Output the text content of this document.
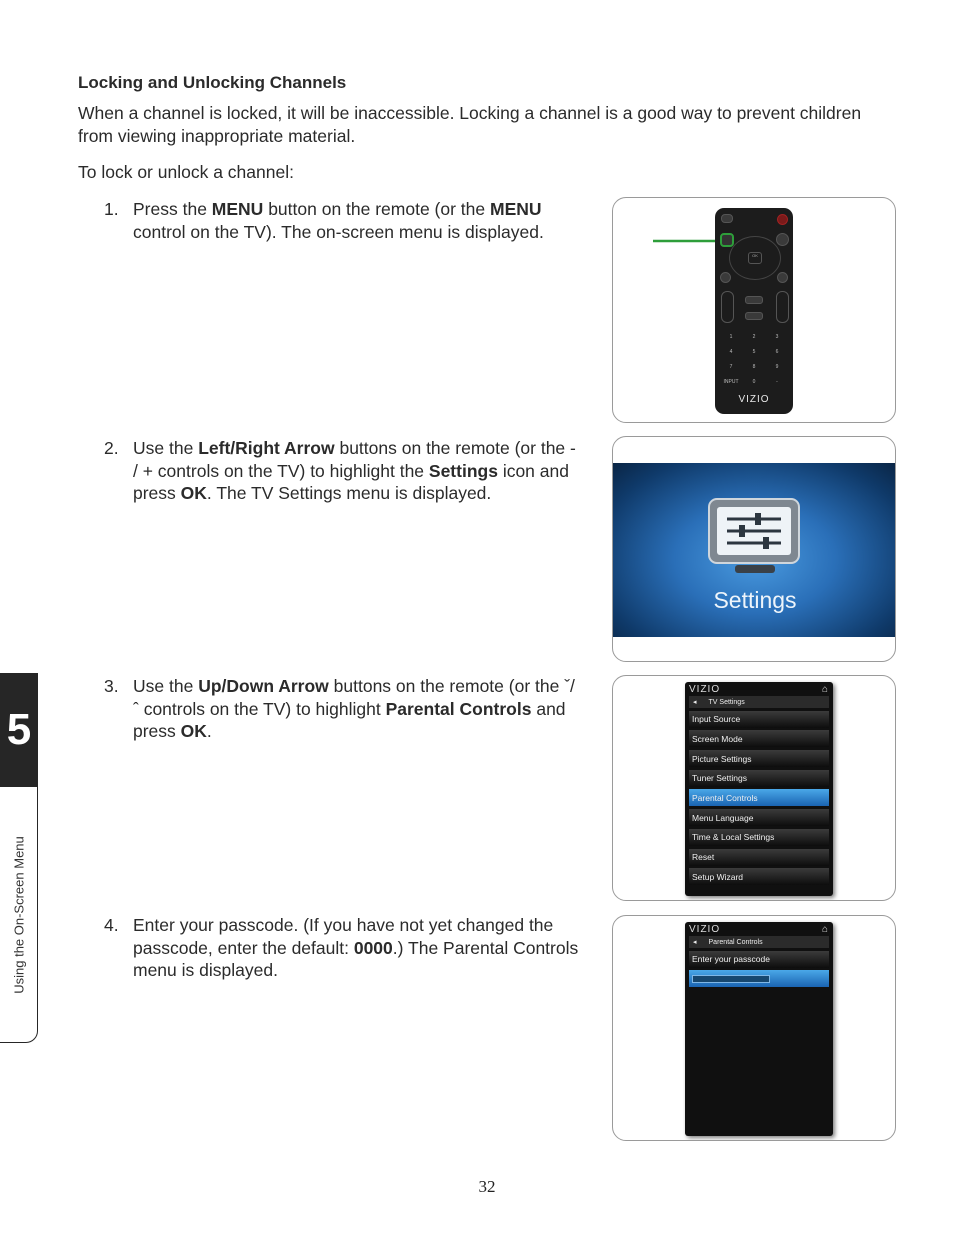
Locking and Unlocking Channels
When a channel is locked, it will be inaccessible. Locking a channel is a good way to prevent children from viewing inappropriate material.
To lock or unlock a channel:
1. Press the MENU button on the remote (or the MENU control on the TV). The on-screen menu is displayed.
2. Use the Left/Right Arrow buttons on the remote (or the - / + controls on the TV) to highlight the Settings icon and press OK. The TV Settings menu is displayed.
3. Use the Up/Down Arrow buttons on the remote (or the ˇ/ ˆ controls on the TV) to highlight Parental Controls and press OK.
4. Enter your passcode. (If you have not yet changed the passcode, enter the default: 0000.) The Parental Controls menu is displayed.
OK
1	2	3
4	5	6
7	8	9
INPUT	0	-
VIZIO
Settings
VIZIO	⌂
◂ TV Settings
Input Source
Screen Mode
Picture Settings
Tuner Settings
Parental Controls
Menu Language
Time & Local Settings
Reset
Setup Wizard
VIZIO	⌂
◂ Parental Controls
Enter your passcode
5
Using the On-Screen Menu
32
